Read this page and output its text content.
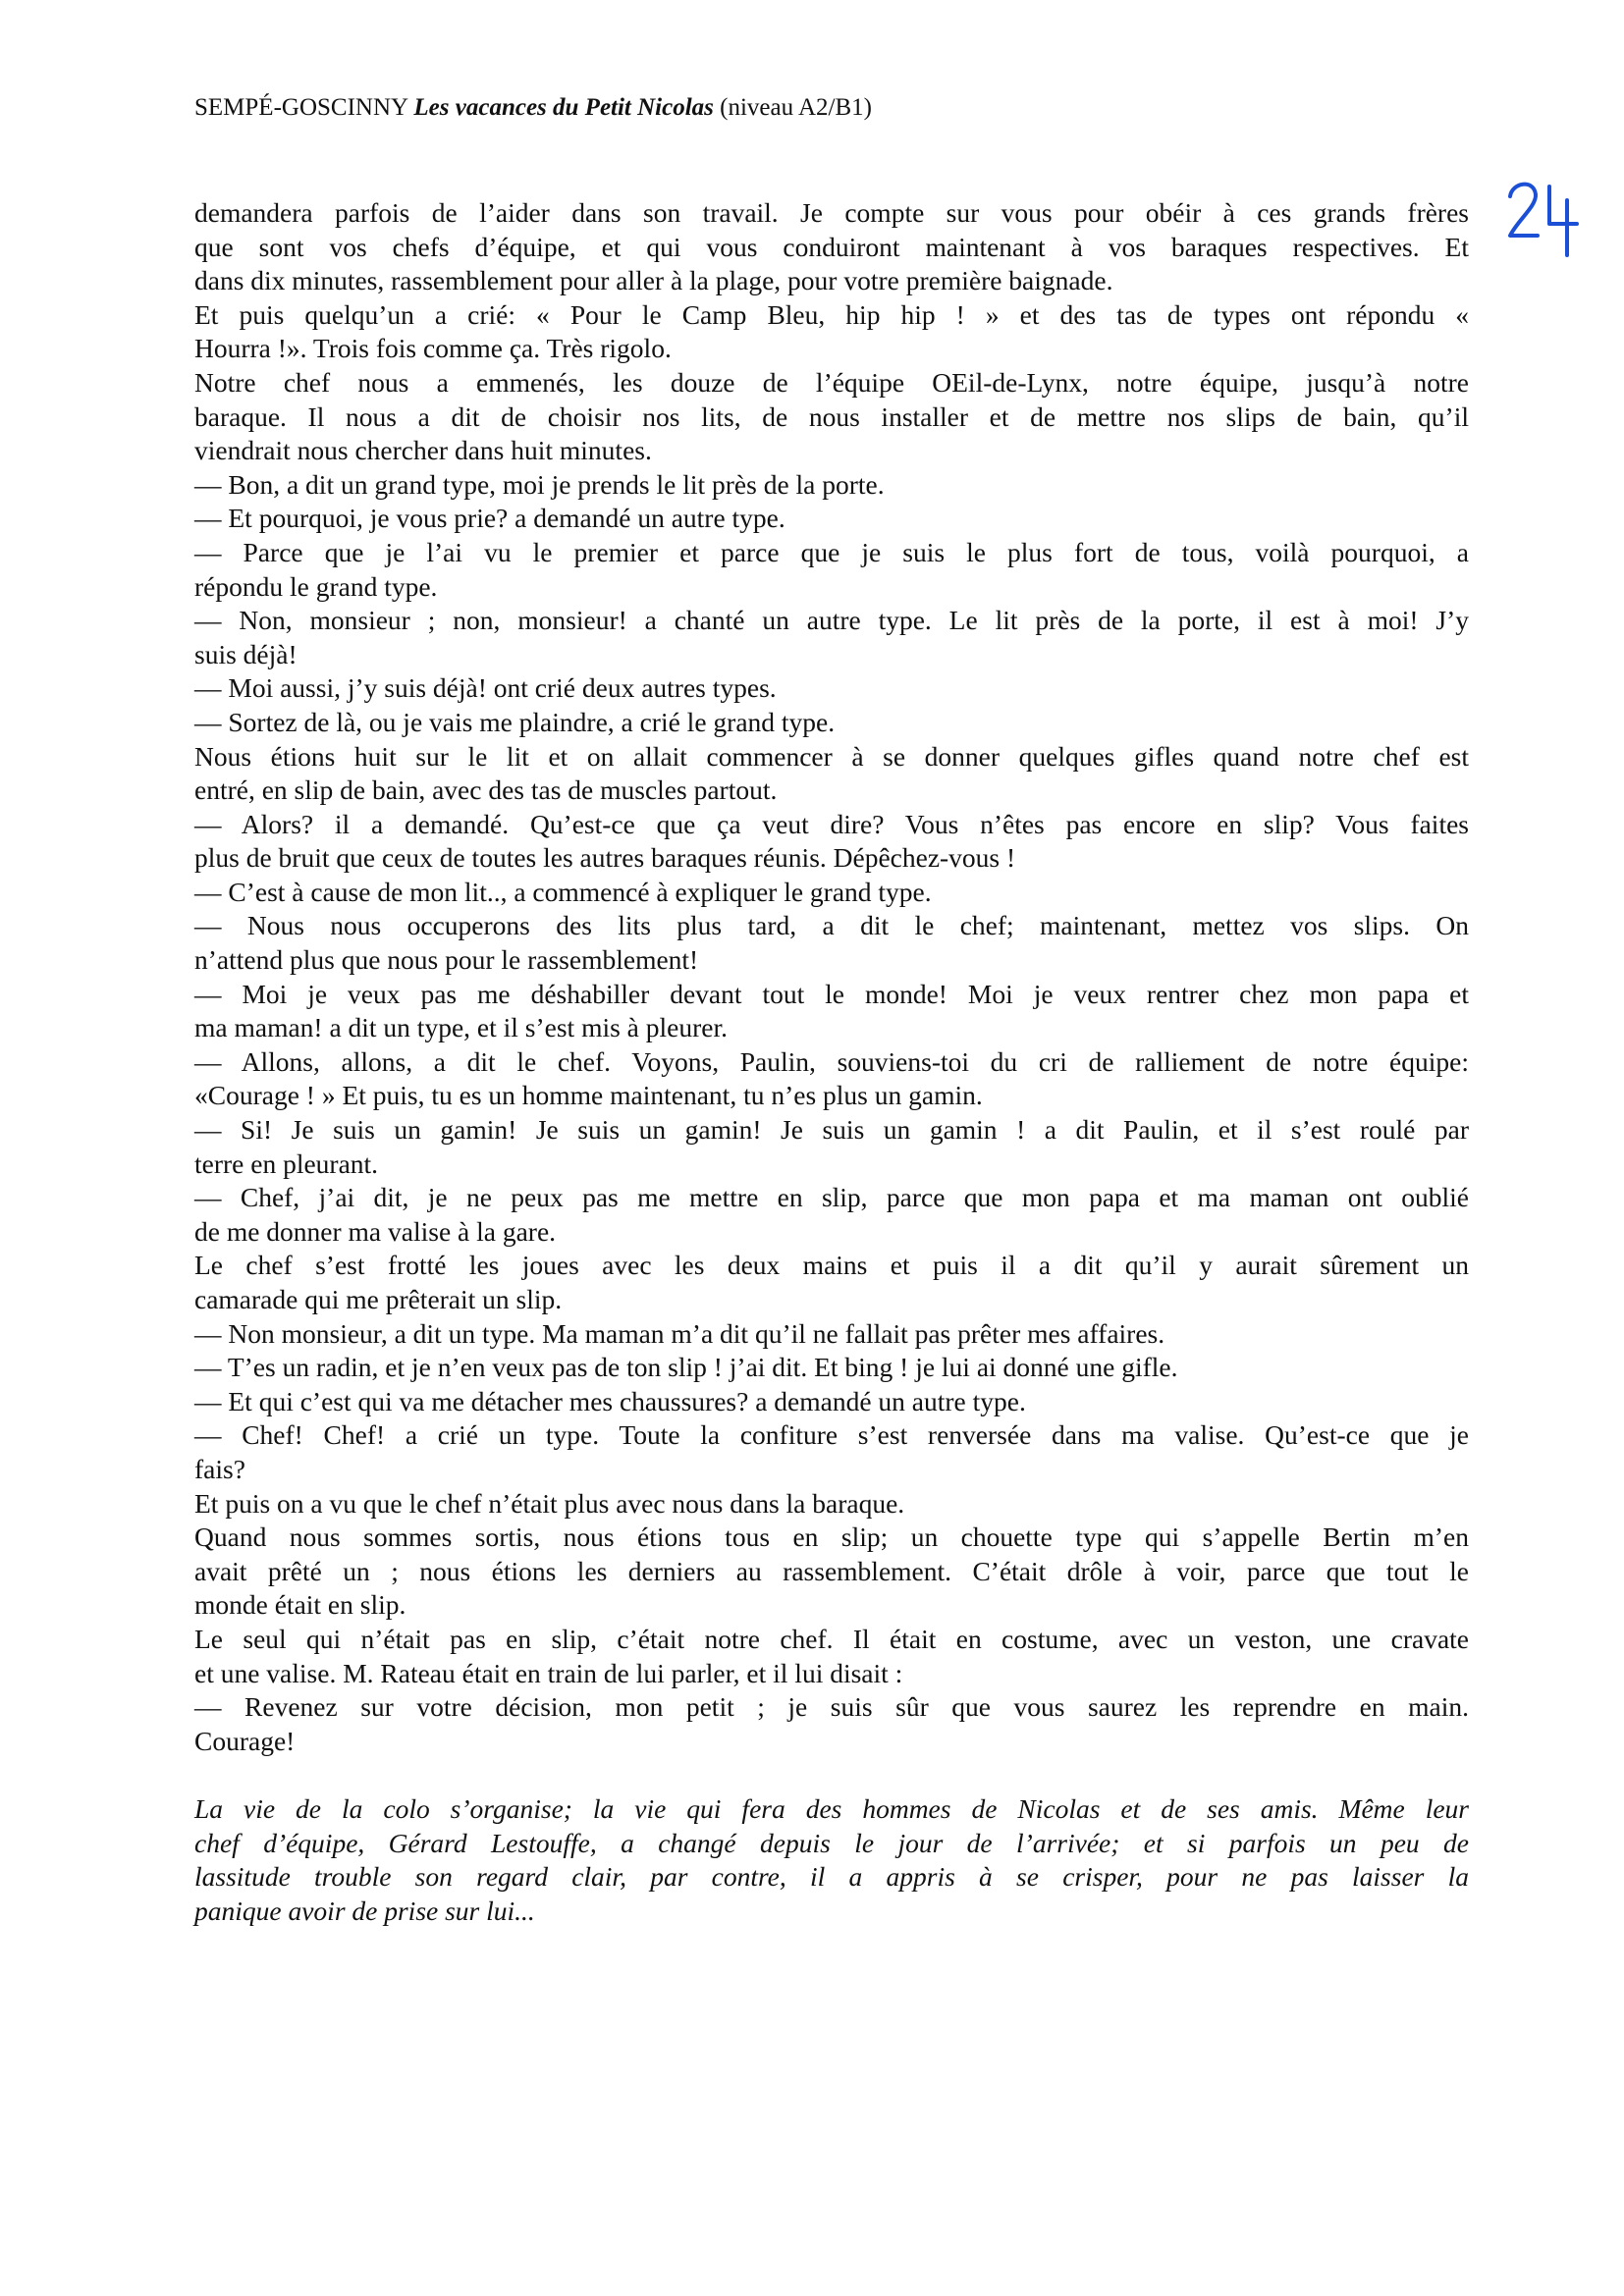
SEMPÉ-GOSCINNY Les vacances du Petit Nicolas (niveau A2/B1)
demandera parfois de l’aider dans son travail. Je compte sur vous pour obéir à ces grands frères
que sont vos chefs d’équipe, et qui vous conduiront maintenant à vos baraques respectives. Et
dans dix minutes, rassemblement pour aller à la plage, pour votre première baignade.
Et puis quelqu’un a crié: « Pour le Camp Bleu, hip hip ! » et des tas de types ont répondu «
Hourra !». Trois fois comme ça. Très rigolo.
Notre chef nous a emmenés, les douze de l’équipe OEil-de-Lynx, notre équipe, jusqu’à notre
baraque. Il nous a dit de choisir nos lits, de nous installer et de mettre nos slips de bain, qu’il
viendrait nous chercher dans huit minutes.
— Bon, a dit un grand type, moi je prends le lit près de la porte.
— Et pourquoi, je vous prie? a demandé un autre type.
— Parce que je l’ai vu le premier et parce que je suis le plus fort de tous, voilà pourquoi, a
répondu le grand type.
— Non, monsieur ; non, monsieur! a chanté un autre type. Le lit près de la porte, il est à moi! J’y
suis déjà!
— Moi aussi, j’y suis déjà! ont crié deux autres types.
— Sortez de là, ou je vais me plaindre, a crié le grand type.
Nous étions huit sur le lit et on allait commencer à se donner quelques gifles quand notre chef est
entré, en slip de bain, avec des tas de muscles partout.
— Alors? il a demandé. Qu’est-ce que ça veut dire? Vous n’êtes pas encore en slip? Vous faites
plus de bruit que ceux de toutes les autres baraques réunis. Dépêchez-vous !
— C’est à cause de mon lit.., a commencé à expliquer le grand type.
— Nous nous occuperons des lits plus tard, a dit le chef; maintenant, mettez vos slips. On
n’attend plus que nous pour le rassemblement!
— Moi je veux pas me déshabiller devant tout le monde! Moi je veux rentrer chez mon papa et
ma maman! a dit un type, et il s’est mis à pleurer.
— Allons, allons, a dit le chef. Voyons, Paulin, souviens-toi du cri de ralliement de notre équipe:
«Courage ! » Et puis, tu es un homme maintenant, tu n’es plus un gamin.
— Si! Je suis un gamin! Je suis un gamin! Je suis un gamin ! a dit Paulin, et il s’est roulé par
terre en pleurant.
— Chef, j’ai dit, je ne peux pas me mettre en slip, parce que mon papa et ma maman ont oublié
de me donner ma valise à la gare.
Le chef s’est frotté les joues avec les deux mains et puis il a dit qu’il y aurait sûrement un
camarade qui me prêterait un slip.
— Non monsieur, a dit un type. Ma maman m’a dit qu’il ne fallait pas prêter mes affaires.
— T’es un radin, et je n’en veux pas de ton slip ! j’ai dit. Et bing ! je lui ai donné une gifle.
— Et qui c’est qui va me détacher mes chaussures? a demandé un autre type.
— Chef! Chef! a crié un type. Toute la confiture s’est renversée dans ma valise. Qu’est-ce que je
fais?
Et puis on a vu que le chef n’était plus avec nous dans la baraque.
Quand nous sommes sortis, nous étions tous en slip; un chouette type qui s’appelle Bertin m’en
avait prêté un ; nous étions les derniers au rassemblement. C’était drôle à voir, parce que tout le
monde était en slip.
Le seul qui n’était pas en slip, c’était notre chef. Il était en costume, avec un veston, une cravate
et une valise. M. Rateau était en train de lui parler, et il lui disait :
— Revenez sur votre décision, mon petit ; je suis sûr que vous saurez les reprendre en main.
Courage!
La vie de la colo s’organise; la vie qui fera des hommes de Nicolas et de ses amis. Même leur
chef d’équipe, Gérard Lestouffe, a changé depuis le jour de l’arrivée; et si parfois un peu de
lassitude trouble son regard clair, par contre, il a appris à se crisper, pour ne pas laisser la
panique avoir de prise sur lui...
